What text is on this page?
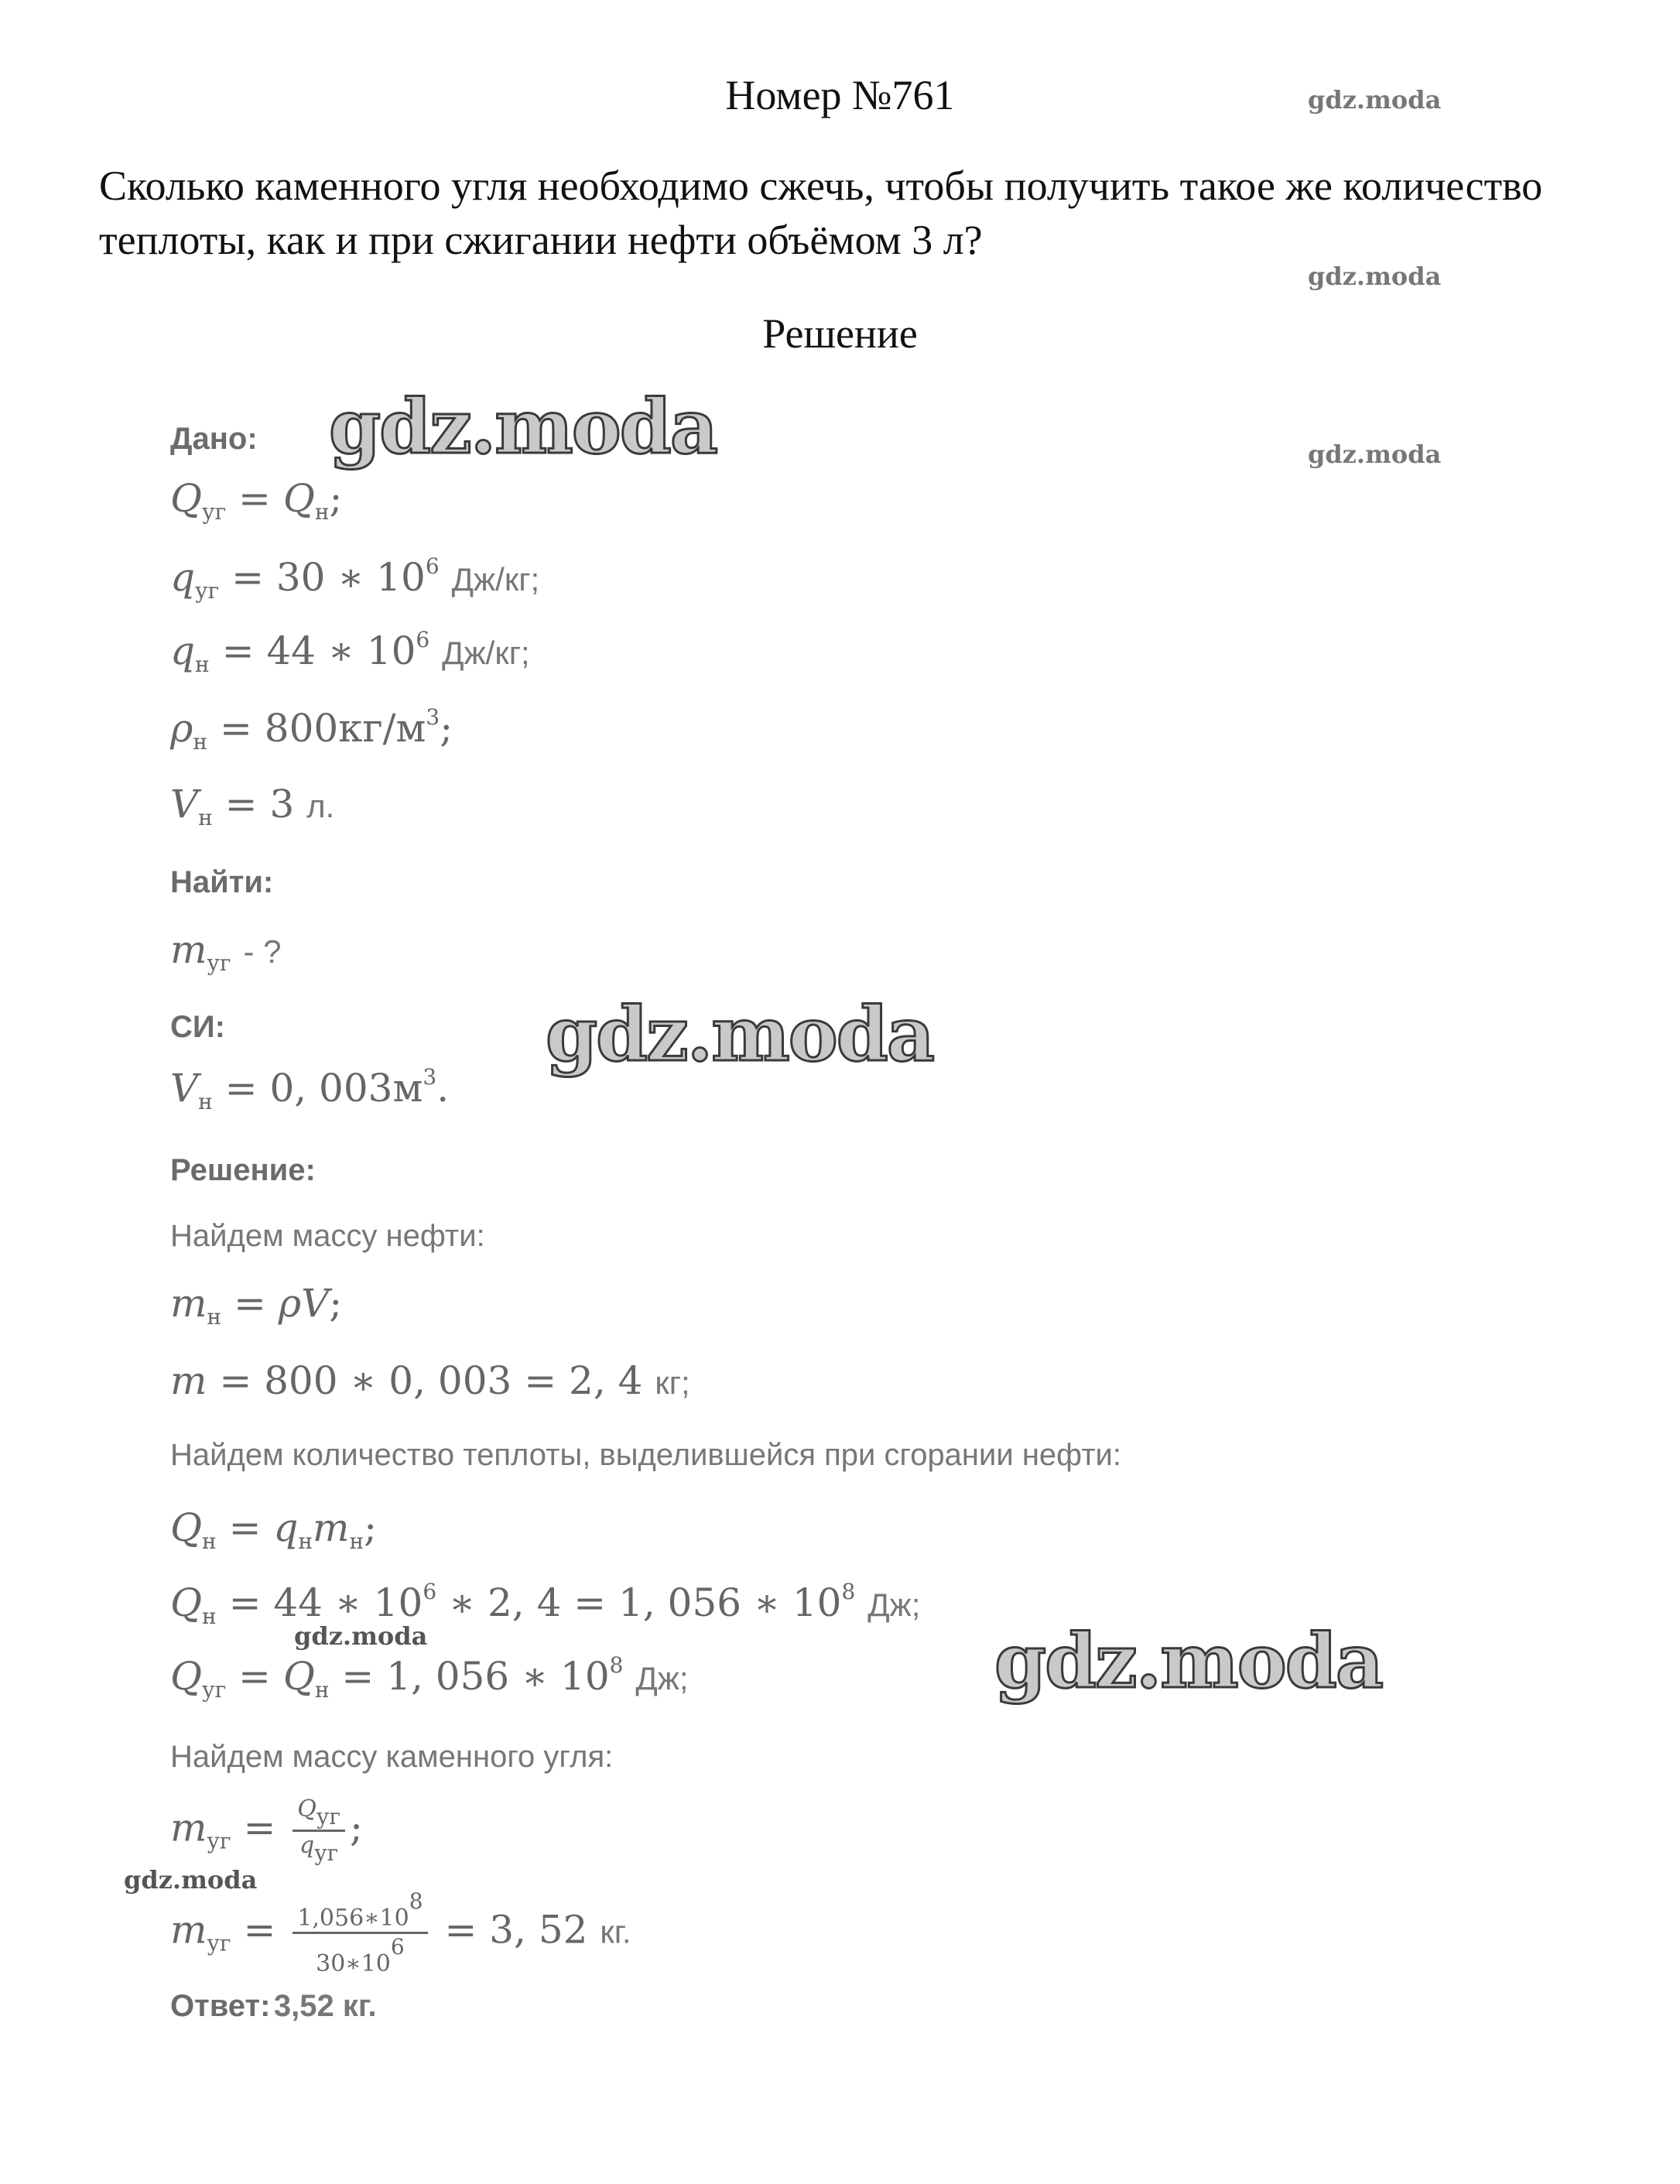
Номер №761	gdz.moda
Сколько каменного угля необходимо сжечь, чтобы получить такое же количество теплоты, как и при сжигании нефти объёмом 3 л?
gdz.moda
Решение
Дано: gdz.moda	gdz.moda
$Q_{уг} = Q_н$;
$q_{уг} = 30$ ∗ $10^6$ Дж/кг;
$q_н = 44$ ∗ $10^6$ Дж/кг;
$\rho_н = 800кг/м^3$;
$V_н = 3$ л.
Найти:
$m_{уг}$ - ?
СИ:	gdz.moda
$V_н = 0$, $003м^3$.
Решение:
Найдем массу нефти:
$m_н = \rho V$;
m = 800 ∗ 0, 003 = 2, 4 кг;
Найдем количество теплоты, выделившейся при сгорании нефти:
$Q_н = q_нm_н$;
$Q_н = 44$ ∗ $10^6$ ∗ 2, 4 = 1, 056 ∗ $10^8$ Дж;
gdz.moda
$Q_{уг} = Q_н = 1$, 056 ∗ $10^8$ Дж;	gdz.moda
Найдем массу каменного угля:
$m_{уг} = \frac{Q_{уг}}{q_{уг}}$ ;
gdz.moda
$m_{уг} = \frac{1,056∗10^8}{30∗10^6} = 3$, 52 кг.
Ответ: 3,52 кг.
